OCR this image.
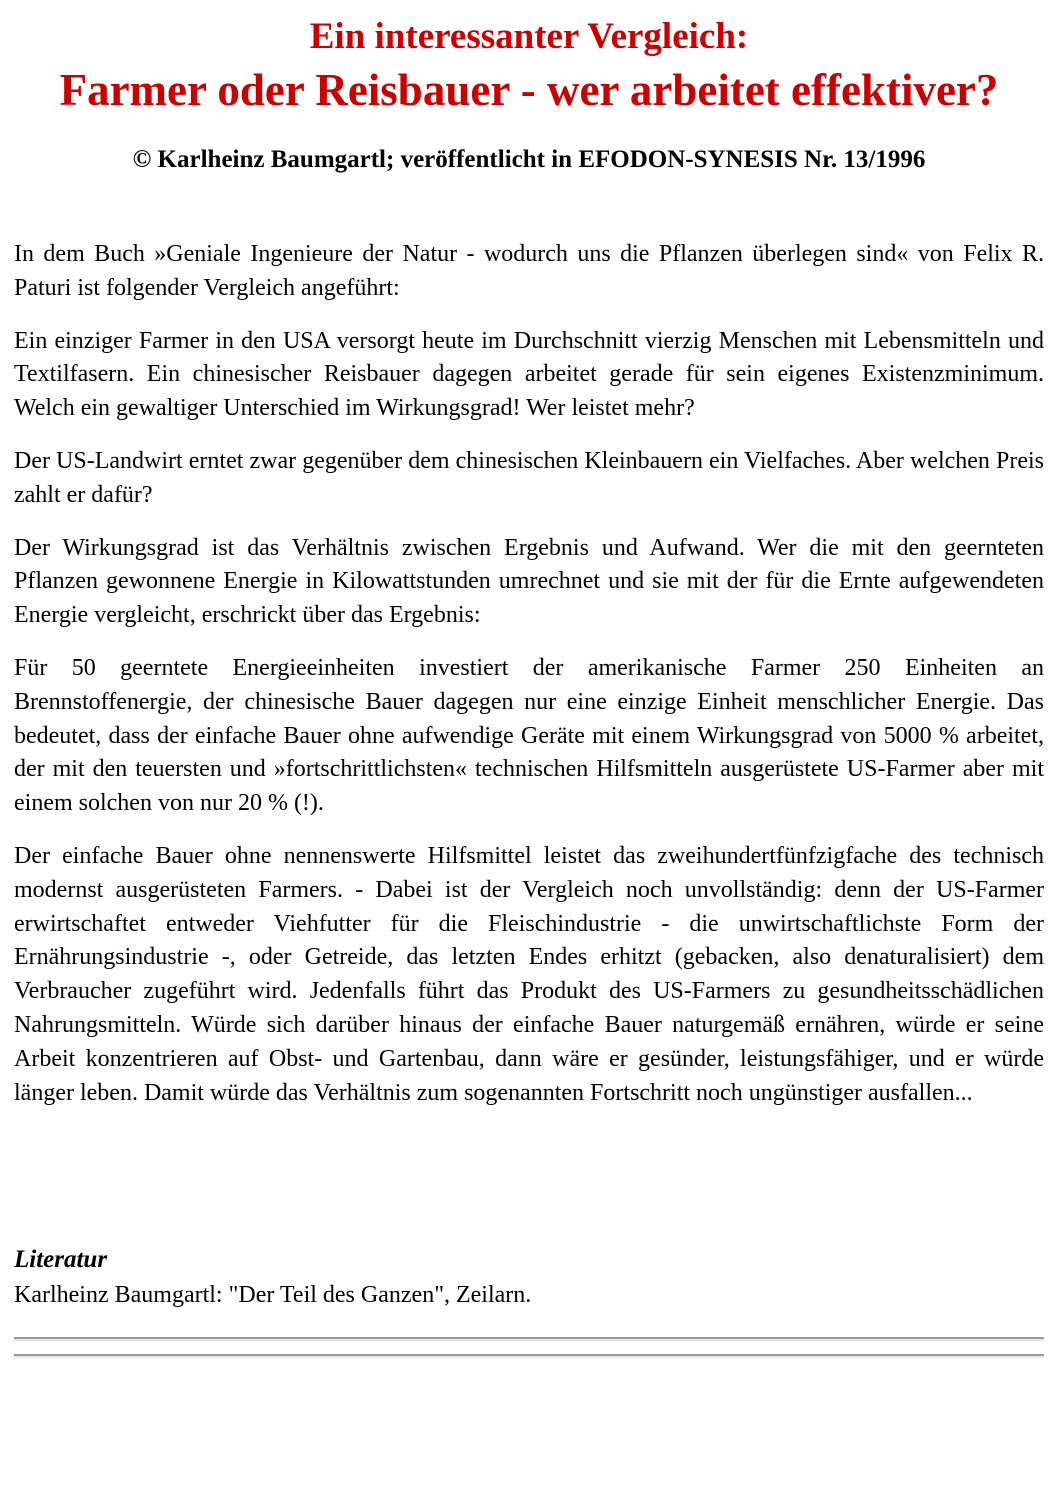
Ein interessanter Vergleich:
Farmer oder Reisbauer - wer arbeitet effektiver?

© Karlheinz Baumgartl; veröffentlicht in EFODON-SYNESIS Nr. 13/1996

In dem Buch »Geniale Ingenieure der Natur - wodurch uns die Pflanzen überlegen sind« von Felix R. Paturi ist folgender Vergleich angeführt:

Ein einziger Farmer in den USA versorgt heute im Durchschnitt vierzig Menschen mit Lebensmitteln und Textilfasern. Ein chinesischer Reisbauer dagegen arbeitet gerade für sein eigenes Existenzminimum. Welch ein gewaltiger Unterschied im Wirkungsgrad! Wer leistet mehr?

Der US-Landwirt erntet zwar gegenüber dem chinesischen Kleinbauern ein Vielfaches. Aber welchen Preis zahlt er dafür?

Der Wirkungsgrad ist das Verhältnis zwischen Ergebnis und Aufwand. Wer die mit den geernteten Pflanzen gewonnene Energie in Kilowattstunden umrechnet und sie mit der für die Ernte aufgewendeten Energie vergleicht, erschrickt über das Ergebnis:

Für 50 geerntete Energieeinheiten investiert der amerikanische Farmer 250 Einheiten an Brennstoffenergie, der chinesische Bauer dagegen nur eine einzige Einheit menschlicher Energie. Das bedeutet, dass der einfache Bauer ohne aufwendige Geräte mit einem Wirkungsgrad von 5000 % arbeitet, der mit den teuersten und »fortschrittlichsten« technischen Hilfsmitteln ausgerüstete US-Farmer aber mit einem solchen von nur 20 % (!).

Der einfache Bauer ohne nennenswerte Hilfsmittel leistet das zweihundertfünfzigfache des technisch modernst ausgerüsteten Farmers. - Dabei ist der Vergleich noch unvollständig: denn der US-Farmer erwirtschaftet entweder Viehfutter für die Fleischindustrie - die unwirtschaftlichste Form der Ernährungsindustrie -, oder Getreide, das letzten Endes erhitzt (gebacken, also denaturalisiert) dem Verbraucher zugeführt wird. Jedenfalls führt das Produkt des US-Farmers zu gesundheitsschädlichen Nahrungsmitteln. Würde sich darüber hinaus der einfache Bauer naturgemäß ernähren, würde er seine Arbeit konzentrieren auf Obst- und Gartenbau, dann wäre er gesünder, leistungsfähiger, und er würde länger leben. Damit würde das Verhältnis zum sogenannten Fortschritt noch ungünstiger ausfallen...

Literatur

Karlheinz Baumgartl: "Der Teil des Ganzen", Zeilarn.
